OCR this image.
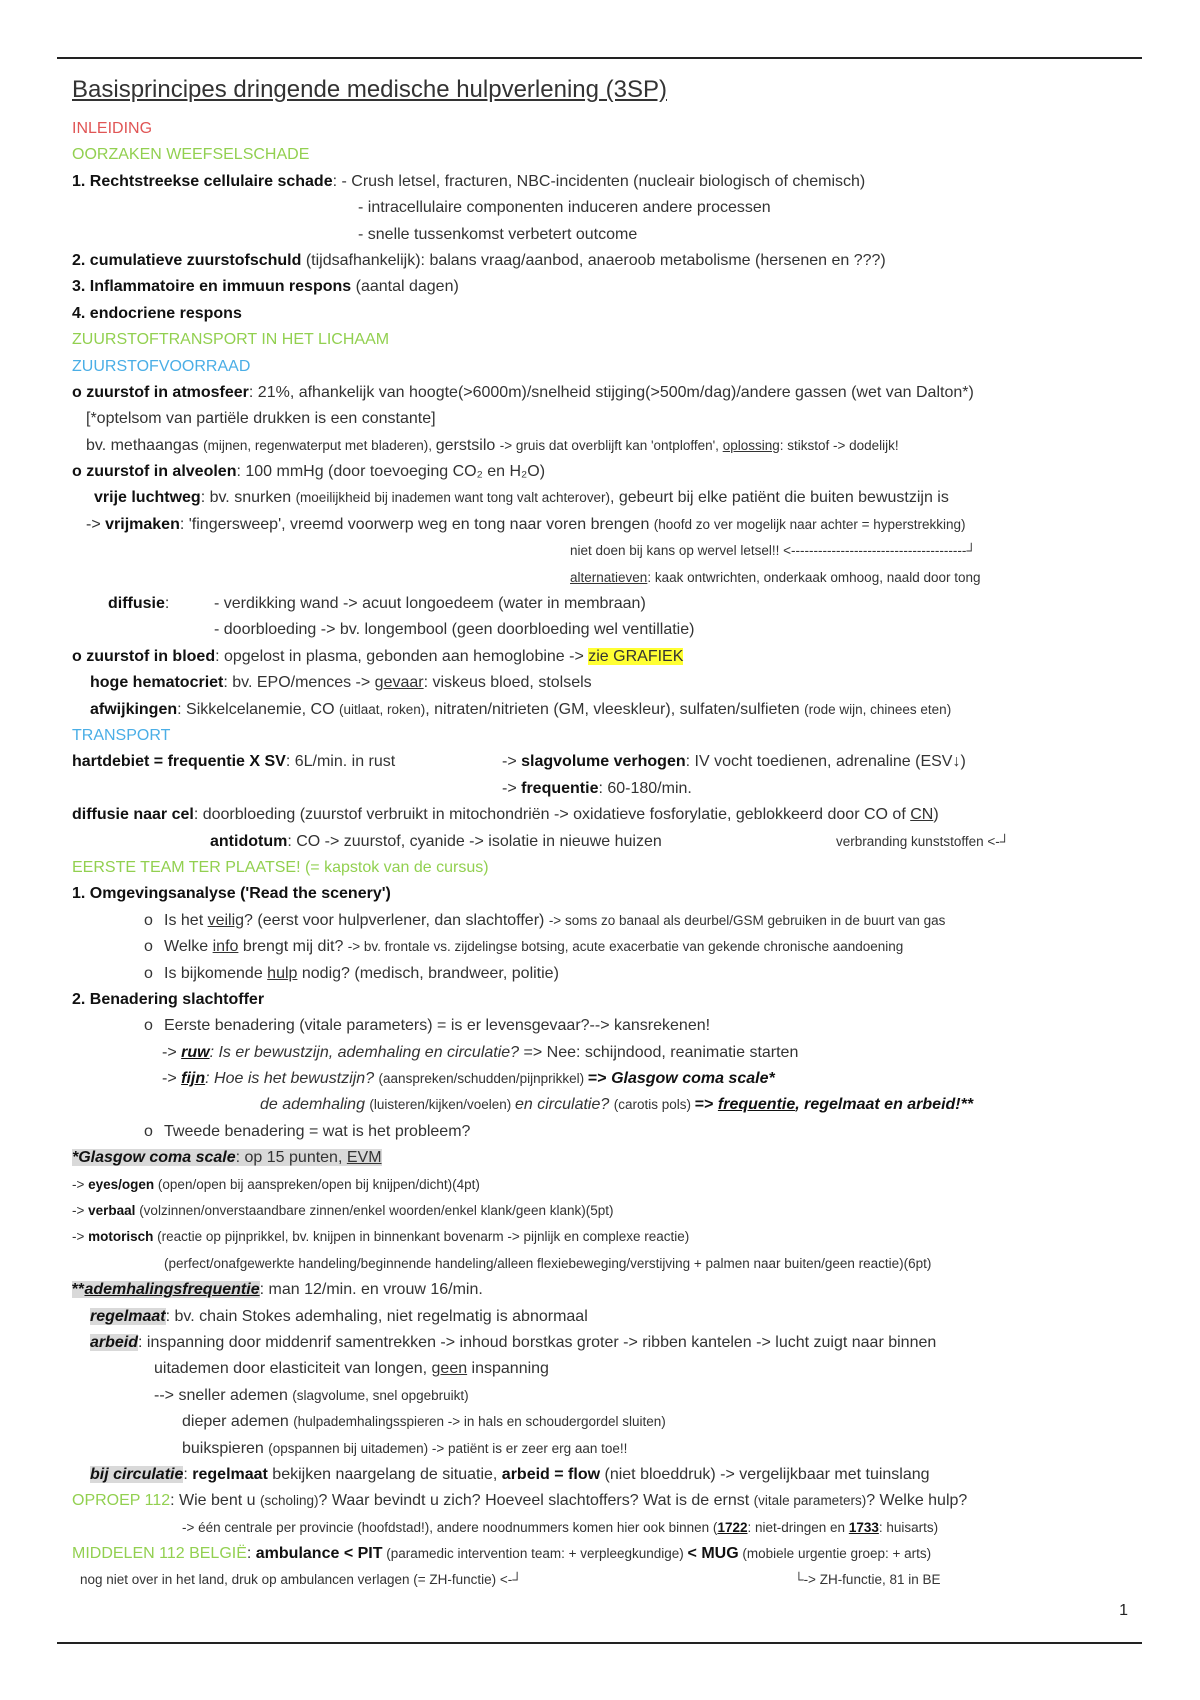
Basisprincipes dringende medische hulpverlening (3SP)
INLEIDING
OORZAKEN WEEFSELSCHADE
1. Rechtstreekse cellulaire schade: - Crush letsel, fracturen, NBC-incidenten (nucleair biologisch of chemisch)
- intracellulaire componenten induceren andere processen
- snelle tussenkomst verbetert outcome
2. cumulatieve zuurstofschuld (tijdsafhankelijk): balans vraag/aanbod, anaeroob metabolisme (hersenen en ???)
3. Inflammatoire en immuun respons (aantal dagen)
4. endocriene respons
ZUURSTOFTRANSPORT IN HET LICHAAM
ZUURSTOFVOORRAAD
o zuurstof in atmosfeer: 21%, afhankelijk van hoogte(>6000m)/snelheid stijging(>500m/dag)/andere gassen (wet van Dalton*)
[*optelsom van partiële drukken is een constante]
bv. methaangas (mijnen, regenwaterput met bladeren), gerstsilo -> gruis dat overblijft kan 'ontploffen', oplossing: stikstof -> dodelijk!
o zuurstof in alveolen: 100 mmHg (door toevoeging CO₂ en H₂O)
vrije luchtweg: bv. snurken (moeilijkheid bij inademen want tong valt achterover), gebeurt bij elke patiënt die buiten bewustzijn is
-> vrijmaken: 'fingersweep', vreemd voorwerp weg en tong naar voren brengen (hoofd zo ver mogelijk naar achter = hyperstrekking)
niet doen bij kans op wervel letsel!! <---------------------------------------┘
alternatieven: kaak ontwrichten, onderkaak omhoog, naald door tong
diffusie:	- verdikking wand -> acuut longoedeem (water in membraan)
- doorbloeding -> bv. longembool (geen doorbloeding wel ventillatie)
o zuurstof in bloed: opgelost in plasma, gebonden aan hemoglobine -> zie GRAFIEK
hoge hematocriet: bv. EPO/mences -> gevaar: viskeus bloed, stolsels
afwijkingen: Sikkelcelanemie, CO (uitlaat, roken), nitraten/nitrieten (GM, vleeskleur), sulfaten/sulfieten (rode wijn, chinees eten)
TRANSPORT
hartdebiet = frequentie X SV: 6L/min. in rust	-> slagvolume verhogen: IV vocht toedienen, adrenaline (ESV↓)
-> frequentie: 60-180/min.
diffusie naar cel: doorbloeding (zuurstof verbruikt in mitochondriën -> oxidatieve fosforylatie, geblokkeerd door CO of CN)
antidotum: CO -> zuurstof, cyanide -> isolatie in nieuwe huizen	verbranding kunststoffen <-┘
EERSTE TEAM TER PLAATSE! (= kapstok van de cursus)
1. Omgevingsanalyse ('Read the scenery')
o Is het veilig? (eerst voor hulpverlener, dan slachtoffer) -> soms zo banaal als deurbel/GSM gebruiken in de buurt van gas
o Welke info brengt mij dit? -> bv. frontale vs. zijdelingse botsing, acute exacerbatie van gekende chronische aandoening
o Is bijkomende hulp nodig? (medisch, brandweer, politie)
2. Benadering slachtoffer
o Eerste benadering (vitale parameters) = is er levensgevaar?--> kansrekenen!
-> ruw: Is er bewustzijn, ademhaling en circulatie? => Nee: schijndood, reanimatie starten
-> fijn: Hoe is het bewustzijn? (aanspreken/schudden/pijnprikkel) => Glasgow coma scale*
de ademhaling (luisteren/kijken/voelen) en circulatie? (carotis pols) => frequentie, regelmaat en arbeid!**
o Tweede benadering = wat is het probleem?
*Glasgow coma scale: op 15 punten, EVM
-> eyes/ogen (open/open bij aanspreken/open bij knijpen/dicht)(4pt)
-> verbaal (volzinnen/onverstaandbare zinnen/enkel woorden/enkel klank/geen klank)(5pt)
-> motorisch (reactie op pijnprikkel, bv. knijpen in binnenkant bovenarm -> pijnlijk en complexe reactie)
(perfect/onafgewerkte handeling/beginnende handeling/alleen flexiebeweging/verstijving + palmen naar buiten/geen reactie)(6pt)
**ademhalingsfrequentie: man 12/min. en vrouw 16/min.
regelmaat: bv. chain Stokes ademhaling, niet regelmatig is abnormaal
arbeid: inspanning door middenrif samentrekken -> inhoud borstkas groter -> ribben kantelen -> lucht zuigt naar binnen
uitademen door elasticiteit van longen, geen inspanning
--> sneller ademen (slagvolume, snel opgebruikt)
dieper ademen (hulpademhalingsspieren -> in hals en schoudergordel sluiten)
buikspieren (opspannen bij uitademen) -> patiënt is er zeer erg aan toe!!
bij circulatie: regelmaat bekijken naargelang de situatie, arbeid = flow (niet bloeddruk) -> vergelijkbaar met tuinslang
OPROEP 112: Wie bent u (scholing)? Waar bevindt u zich? Hoeveel slachtoffers? Wat is de ernst (vitale parameters)? Welke hulp?
-> één centrale per provincie (hoofdstad!), andere noodnummers komen hier ook binnen (1722: niet-dringen en 1733: huisarts)
MIDDELEN 112 BELGIË: ambulance < PIT (paramedic intervention team: + verpleegkundige) < MUG (mobiele urgentie groep: + arts)
nog niet over in het land, druk op ambulancen verlagen (= ZH-functie) <-┘	└-> ZH-functie, 81 in BE
1
